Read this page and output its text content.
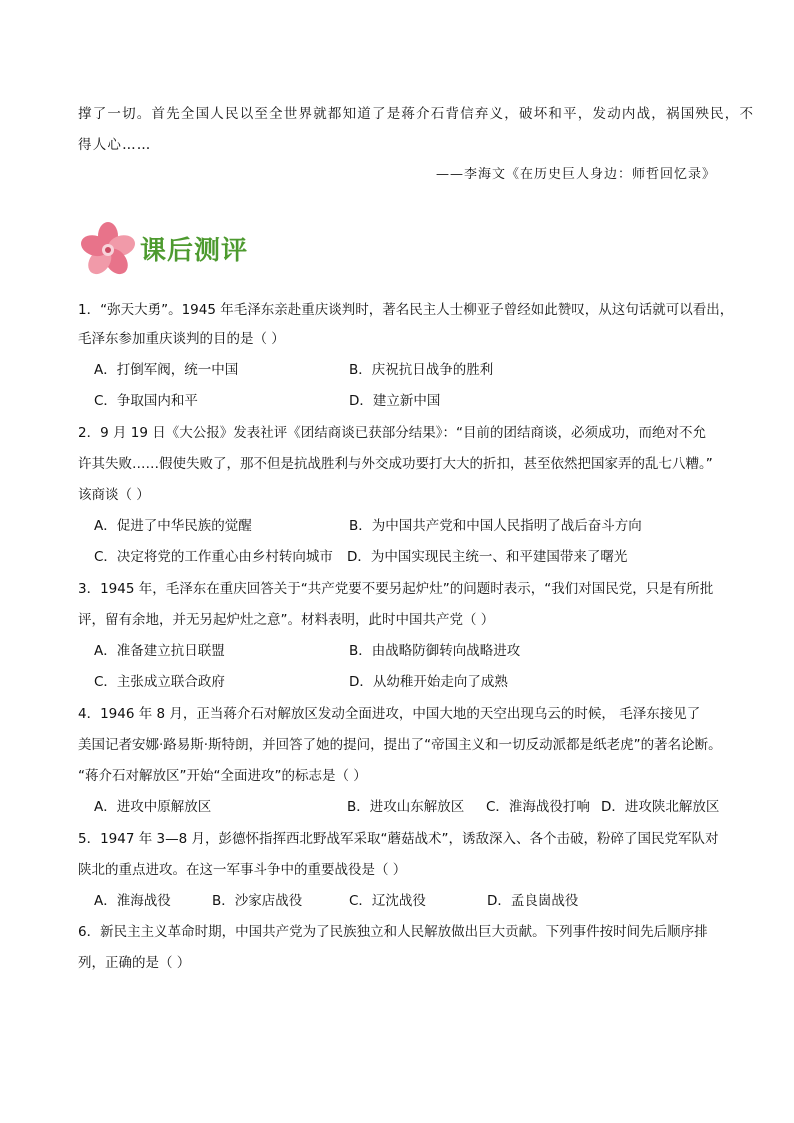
撑了一切。首先全国人民以至全世界就都知道了是蒋介石背信弃义，破坏和平，发动内战，祸国殃民，不
得人心……
——李海文《在历史巨人身边：师哲回忆录》
课后测评
1．“弥天大勇”。1945 年毛泽东亲赴重庆谈判时，著名民主人士柳亚子曾经如此赞叹，从这句话就可以看出，
毛泽东参加重庆谈判的目的是（ ）
A．打倒军阀，统一中国	B．庆祝抗日战争的胜利
C．争取国内和平	D．建立新中国
2．9 月 19 日《大公报》发表社评《团结商谈已获部分结果》：“目前的团结商谈，必须成功，而绝对不允
许其失败……假使失败了，那不但是抗战胜利与外交成功要打大大的折扣，甚至依然把国家弄的乱七八糟。”
该商谈（ ）
A．促进了中华民族的觉醒	B．为中国共产党和中国人民指明了战后奋斗方向
C．决定将党的工作重心由乡村转向城市 D．为中国实现民主统一、和平建国带来了曙光
3．1945 年，毛泽东在重庆回答关于“共产党要不要另起炉灶”的问题时表示，“我们对国民党，只是有所批
评，留有余地，并无另起炉灶之意”。材料表明，此时中国共产党（ ）
A．准备建立抗日联盟	B．由战略防御转向战略进攻
C．主张成立联合政府	D．从幼稚开始走向了成熟
4．1946 年 8 月，正当蒋介石对解放区发动全面进攻，中国大地的天空出现乌云的时候， 毛泽东接见了
美国记者安娜·路易斯·斯特朗，并回答了她的提问，提出了“帝国主义和一切反动派都是纸老虎”的著名论断。
“蒋介石对解放区”开始“全面进攻”的标志是（ ）
A．进攻中原解放区	B．进攻山东解放区 C．淮海战役打响 D．进攻陕北解放区
5．1947 年 3—8 月，彭德怀指挥西北野战军采取“蘑菇战术”，诱敌深入、各个击破，粉碎了国民党军队对
陕北的重点进攻。在这一军事斗争中的重要战役是（ ）
A．淮海战役	B．沙家店战役	C．辽沈战役	D．孟良崮战役
6．新民主主义革命时期，中国共产党为了民族独立和人民解放做出巨大贡献。下列事件按时间先后顺序排
列，正确的是（ ）
